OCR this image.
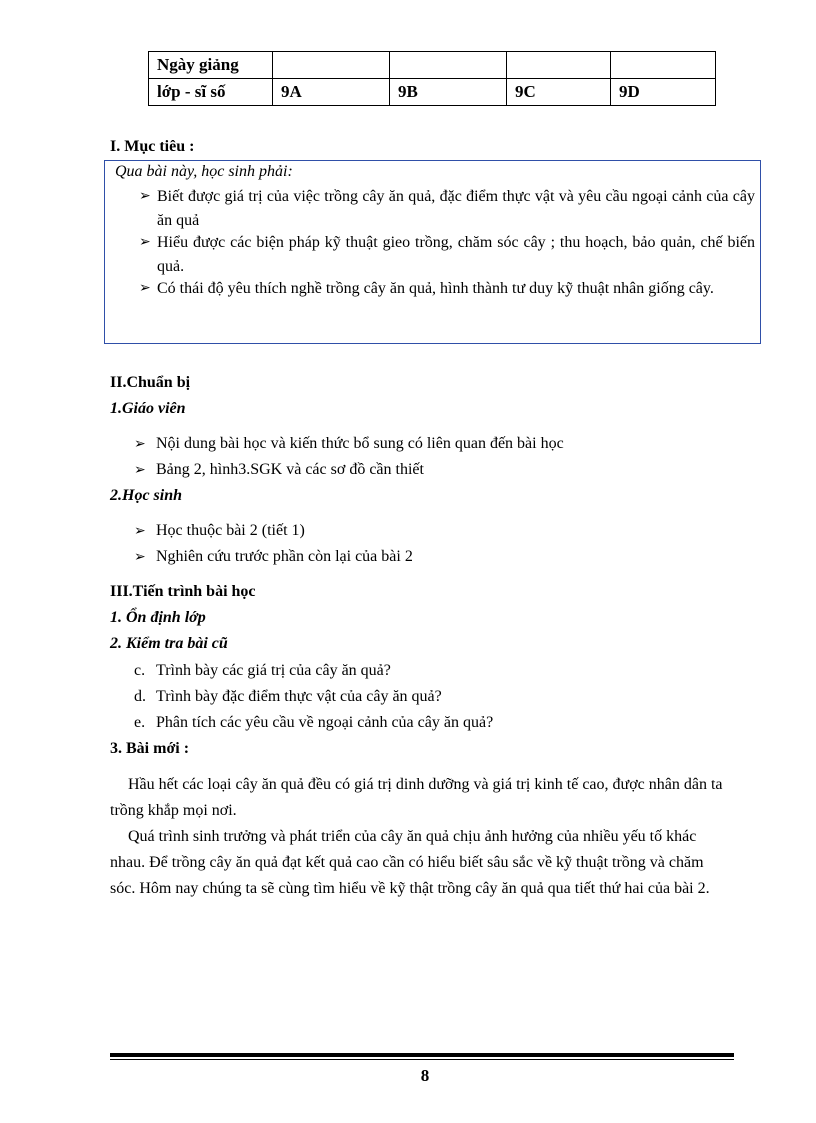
Ngày giảng				
lớp - sĩ số	9A	9B	9C	9D
I. Mục tiêu :
Qua bài này, học sinh phải:
➢ Biết được giá trị của việc trồng cây ăn quả, đặc điểm thực vật và yêu cầu ngoại cảnh của cây ăn quả
➢ Hiểu được các biện pháp kỹ thuật gieo trồng, chăm sóc cây ; thu hoạch, bảo quản, chế biến quả.
➢ Có thái độ yêu thích nghề trồng cây ăn quả, hình thành tư duy kỹ thuật nhân giống cây.
II.Chuẩn bị
1.Giáo viên
➢ Nội dung bài học và kiến thức bổ sung có liên quan đến bài học
➢ Bảng 2, hình3.SGK và các sơ đồ cần thiết
2.Học sinh
➢ Học thuộc bài 2 (tiết 1)
➢ Nghiên cứu trước phần còn lại của bài 2
III.Tiến trình bài học
1. Ổn định lớp
2. Kiểm tra bài cũ
c. Trình bày các giá trị của cây ăn quả?
d. Trình bày đặc điểm thực vật của cây ăn quả?
e. Phân tích các yêu cầu về ngoại cảnh của cây ăn quả?
3. Bài mới :
Hầu hết các loại cây ăn quả đều có giá trị dinh dưỡng và giá trị kinh tế cao, được nhân dân ta trồng khắp mọi nơi.
Quá trình sinh trưởng và phát triển của cây ăn quả chịu ảnh hưởng của nhiều yếu tố khác nhau. Để trồng cây ăn quả đạt kết quả cao cần có hiểu biết sâu sắc về kỹ thuật trồng và chăm sóc. Hôm nay chúng ta sẽ cùng tìm hiểu về kỹ thật trồng cây ăn quả qua tiết thứ hai của bài 2.
8
